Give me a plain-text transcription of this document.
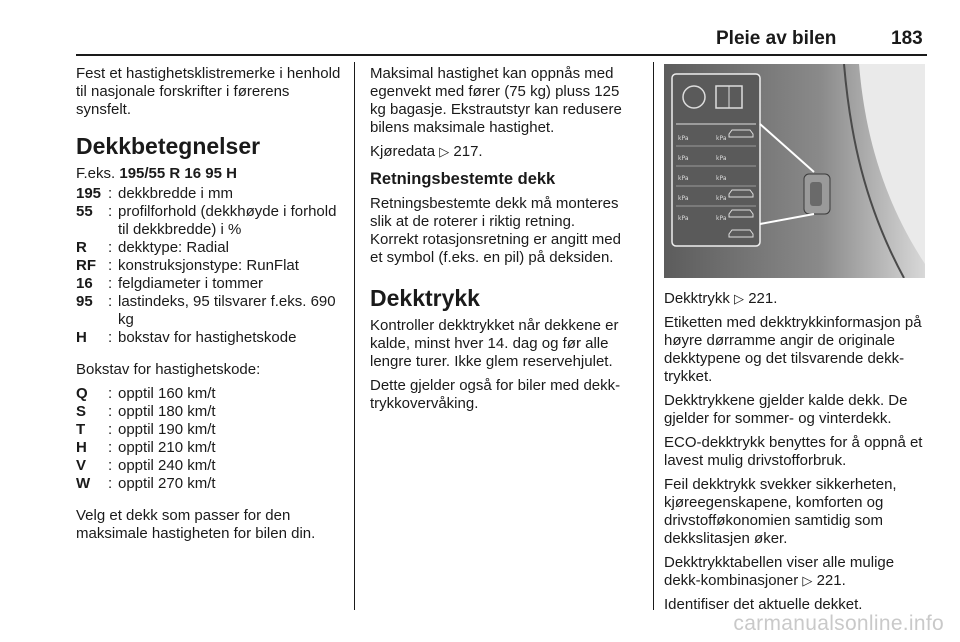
Pleie av bilen	183

Fest et hastighetsklistremerke i henhold til nasjonale forskrifter i førerens synsfelt.

Dekkbetegnelser

F.eks. 195/55 R 16 95 H

195 : dekkbredde i mm
55	: profilforhold (dekkhøyde i forhold til dekkbredde) i %
R	: dekktype: Radial
RF : konstruksjonstype: RunFlat
16	: felgdiameter i tommer
95	: lastindeks, 95 tilsvarer f.eks. 690 kg
H	: bokstav for hastighetskode

Bokstav for hastighetskode:

Q	: opptil 160 km/t
S	: opptil 180 km/t
T	: opptil 190 km/t
H	: opptil 210 km/t
V	: opptil 240 km/t
W	: opptil 270 km/t

Velg et dekk som passer for den maksimale hastigheten for bilen din.

Maksimal hastighet kan oppnås med egenvekt med fører (75 kg) pluss 125 kg bagasje. Ekstrautstyr kan redusere bilens maksimale hastighet.

Kjøredata ▷ 217.

Retningsbestemte dekk

Retningsbestemte dekk må monteres slik at de roterer i riktig retning.

Korrekt rotasjonsretning er angitt med et symbol (f.eks. en pil) på deksiden.

Dekktrykk

Kontroller dekktrykket når dekkene er kalde, minst hver 14. dag og før alle lengre turer. Ikke glem reservehjulet.

Dette gjelder også for biler med dekktrykkovervåking.

kPa	kPa
kPa	kPa
kPa	kPa
kPa	kPa
kPa	kPa

Dekktrykk ▷ 221.

Etiketten med dekktrykkinformasjon på høyre dørramme angir de originale dekktypene og det tilsvarende dekktrykket.

Dekktrykkene gjelder kalde dekk. De gjelder for sommer- og vinterdekk.

ECO-dekktrykk benyttes for å oppnå et lavest mulig drivstofforbruk.

Feil dekktrykk svekker sikkerheten, kjøreegenskapene, komforten og drivstofføkonomien samtidig som dekkslitasjen øker.

Dekktrykktabellen viser alle mulige dekk-kombinasjoner ▷ 221.

Identifiser det aktuelle dekket.

carmanualsonline.info
